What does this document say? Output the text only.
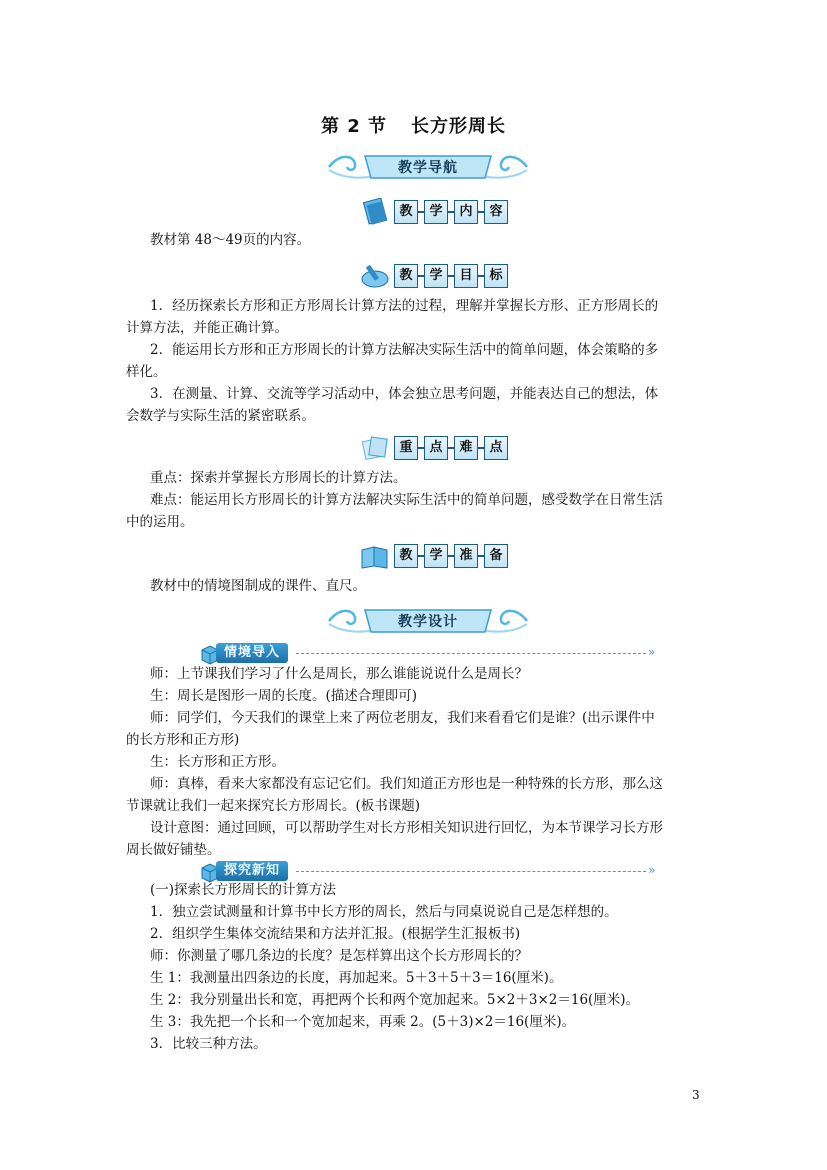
第 2 节 长方形周长
教学导航
教	学	内	容
教材第 48～49页的内容。
教	学	目	标
1．经历探索长方形和正方形周长计算方法的过程，理解并掌握长方形、正方形周长的
计算方法，并能正确计算。
2．能运用长方形和正方形周长的计算方法解决实际生活中的简单问题，体会策略的多
样化。
3．在测量、计算、交流等学习活动中，体会独立思考问题，并能表达自己的想法，体
会数学与实际生活的紧密联系。
重	点	难	点
重点：探索并掌握长方形周长的计算方法。
难点：能运用长方形周长的计算方法解决实际生活中的简单问题，感受数学在日常生活
中的运用。
教	学	准	备
教材中的情境图制成的课件、直尺。
教学设计
情境导入	»
师：上节课我们学习了什么是周长，那么谁能说说什么是周长？
生：周长是图形一周的长度。(描述合理即可)
师：同学们，今天我们的课堂上来了两位老朋友，我们来看看它们是谁？(出示课件中
的长方形和正方形)
生：长方形和正方形。
师：真棒，看来大家都没有忘记它们。我们知道正方形也是一种特殊的长方形，那么这
节课就让我们一起来探究长方形周长。(板书课题)
设计意图：通过回顾，可以帮助学生对长方形相关知识进行回忆，为本节课学习长方形
周长做好铺垫。
探究新知	»
(一)探索长方形周长的计算方法
1．独立尝试测量和计算书中长方形的周长，然后与同桌说说自己是怎样想的。
2．组织学生集体交流结果和方法并汇报。(根据学生汇报板书)
师：你测量了哪几条边的长度？是怎样算出这个长方形周长的？
生 1：我测量出四条边的长度，再加起来。5＋3＋5＋3＝16(厘米)。
生 2：我分别量出长和宽，再把两个长和两个宽加起来。5×2＋3×2＝16(厘米)。
生 3：我先把一个长和一个宽加起来，再乘 2。(5＋3)×2＝16(厘米)。
3．比较三种方法。
3
